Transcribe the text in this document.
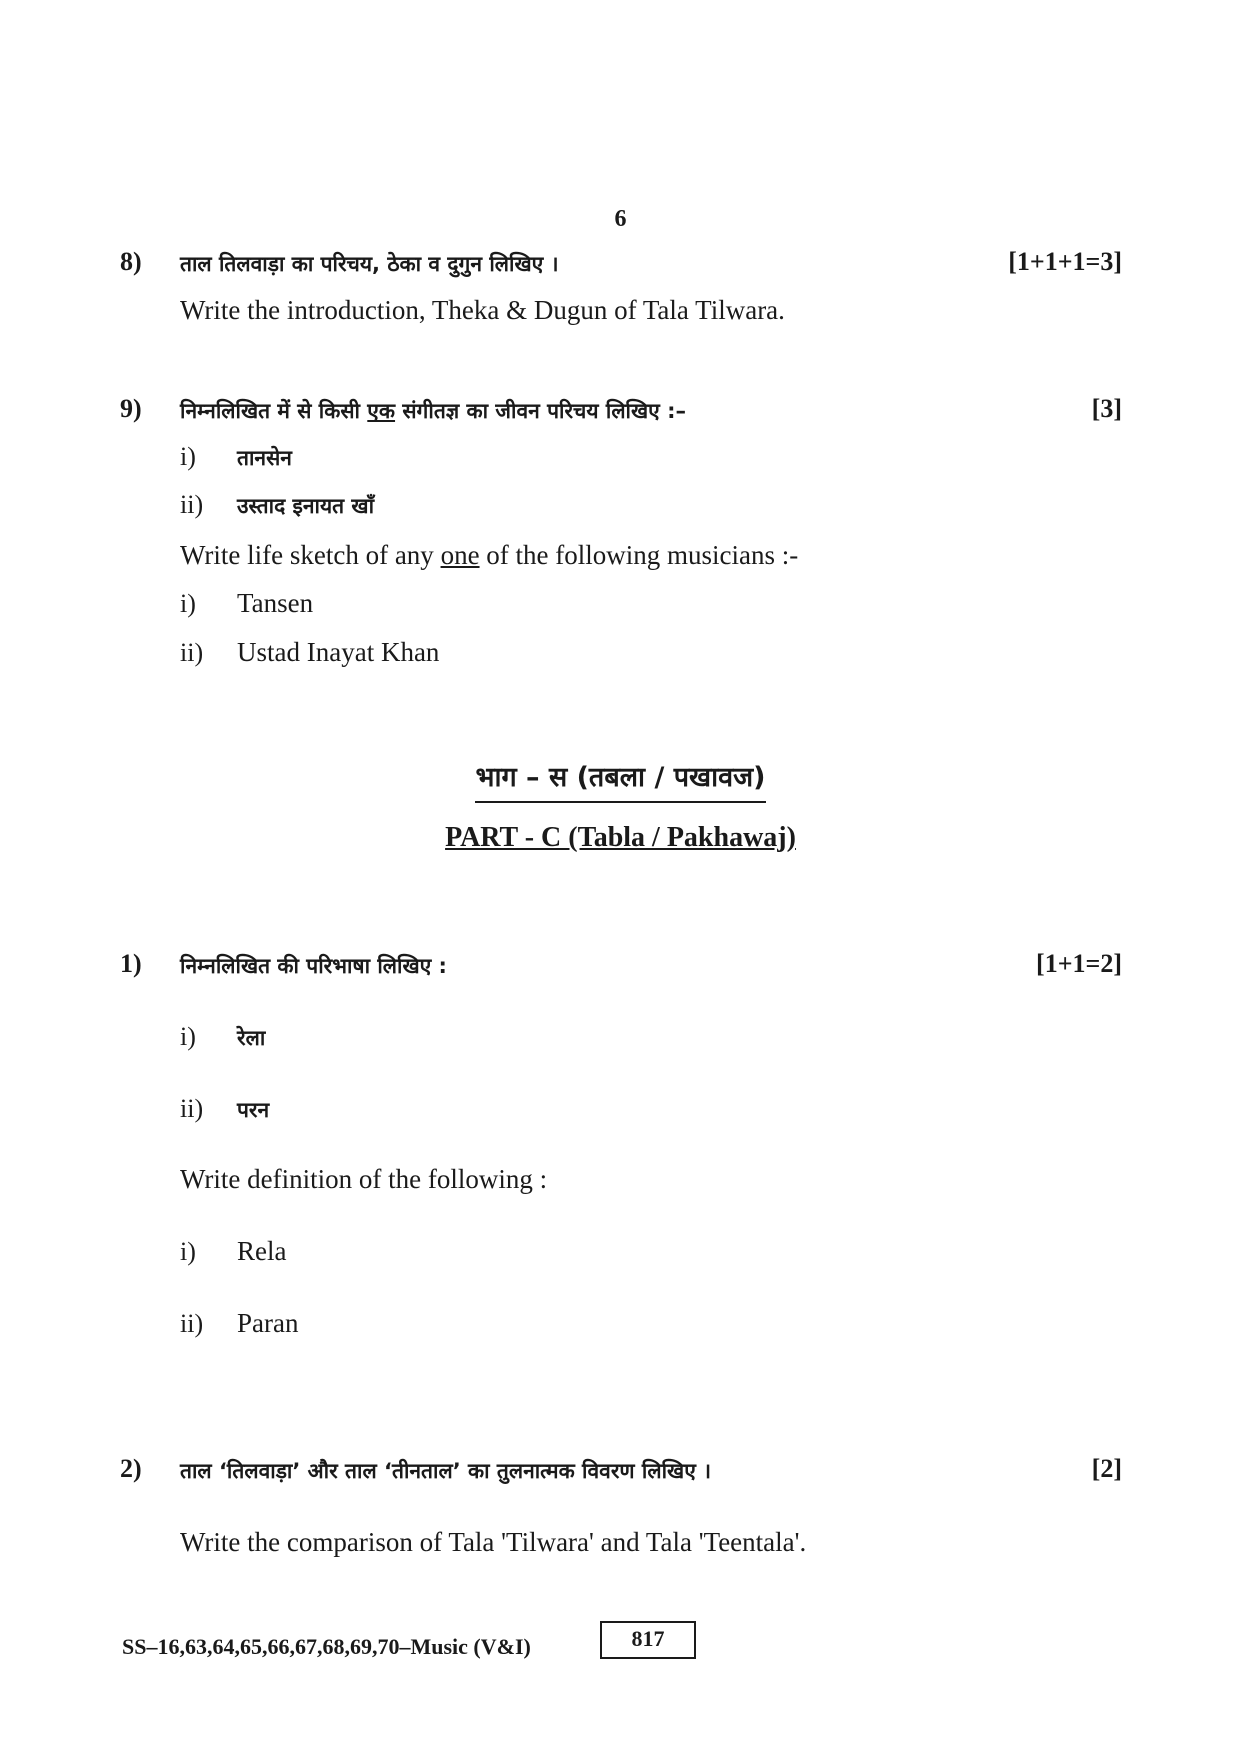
6
8) ताल तिलवाड़ा का परिचय, ठेका व दुगुन लिखिए ।	[1+1+1=3]
Write the introduction, Theka & Dugun of Tala Tilwara.
9) निम्नलिखित में से किसी एक संगीतज्ञ का जीवन परिचय लिखिए :–	[3]
i) तानसेन
ii) उस्ताद इनायत खाँ
Write life sketch of any one of the following musicians :-
i) Tansen
ii) Ustad Inayat Khan
भाग – स (तबला / पखावज)
PART - C (Tabla / Pakhawaj)
1) निम्नलिखित की परिभाषा लिखिए :	[1+1=2]
i) रेला
ii) परन
Write definition of the following :
i) Rela
ii) Paran
2) ताल ‘तिलवाड़ा’ और ताल ‘तीनताल’ का तुलनात्मक विवरण लिखिए ।	[2]
Write the comparison of Tala 'Tilwara' and Tala 'Teentala'.
SS–16,63,64,65,66,67,68,69,70–Music (V&I)	817
